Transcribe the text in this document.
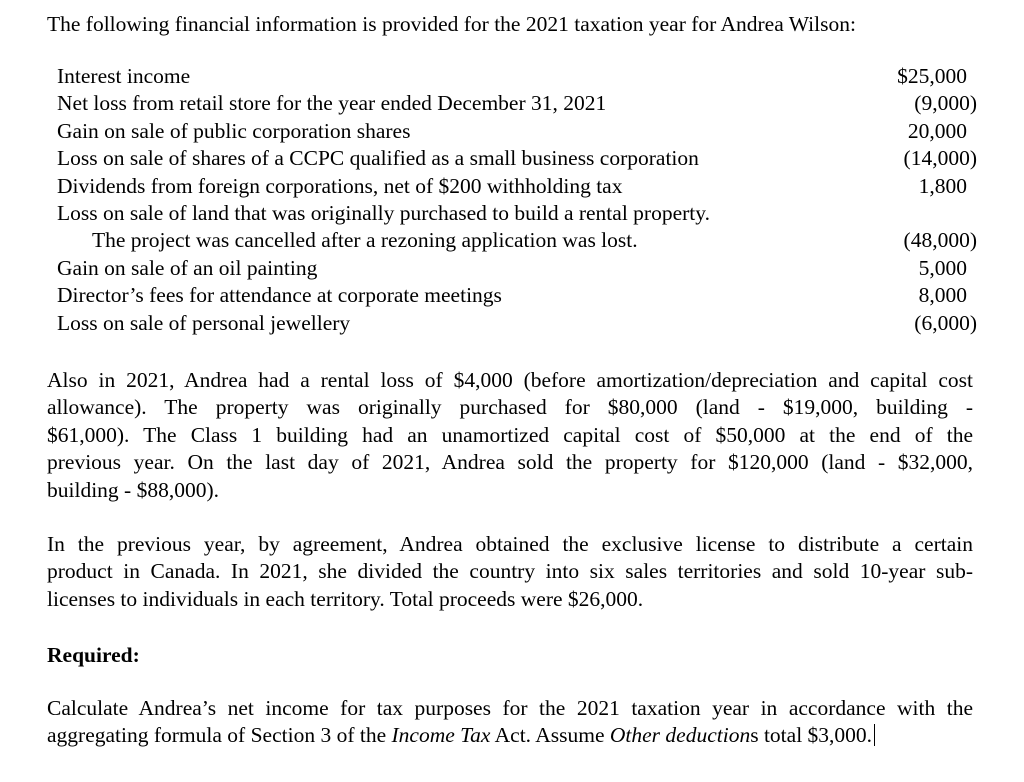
The following financial information is provided for the 2021 taxation year for Andrea Wilson:
Interest income	$25,000
Net loss from retail store for the year ended December 31, 2021	(9,000)
Gain on sale of public corporation shares	20,000
Loss on sale of shares of a CCPC qualified as a small business corporation	(14,000)
Dividends from foreign corporations, net of $200 withholding tax	1,800
Loss on sale of land that was originally purchased to build a rental property.
The project was cancelled after a rezoning application was lost.	(48,000)
Gain on sale of an oil painting	5,000
Director’s fees for attendance at corporate meetings	8,000
Loss on sale of personal jewellery	(6,000)
Also in 2021, Andrea had a rental loss of $4,000 (before amortization/depreciation and capital cost
allowance). The property was originally purchased for $80,000 (land - $19,000, building -
$61,000). The Class 1 building had an unamortized capital cost of $50,000 at the end of the
previous year. On the last day of 2021, Andrea sold the property for $120,000 (land - $32,000,
building - $88,000).
In the previous year, by agreement, Andrea obtained the exclusive license to distribute a certain
product in Canada. In 2021, she divided the country into six sales territories and sold 10-year sub-
licenses to individuals in each territory. Total proceeds were $26,000.
Required:
Calculate Andrea’s net income for tax purposes for the 2021 taxation year in accordance with the
aggregating formula of Section 3 of the Income Tax Act. Assume Other deductions total $3,000.
